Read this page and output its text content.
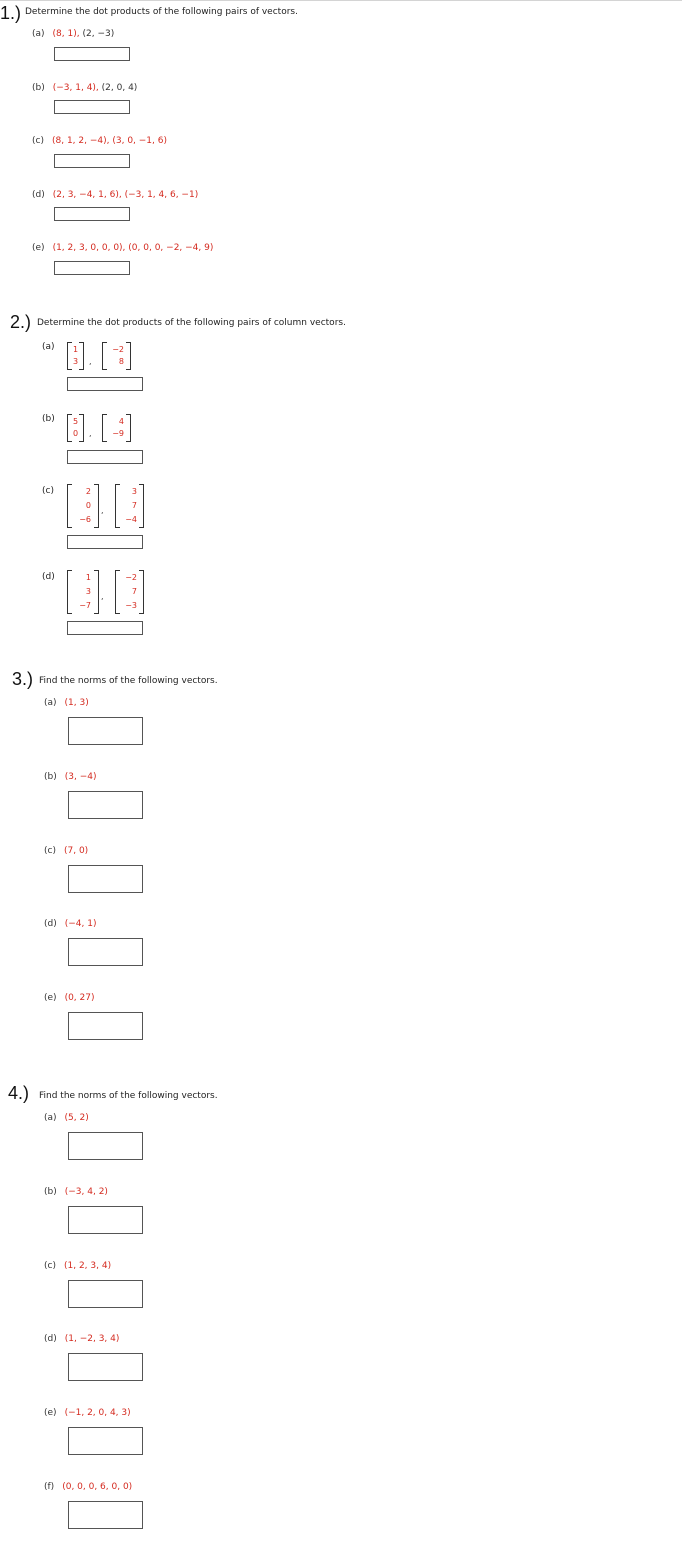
1.) Determine the dot products of the following pairs of vectors.
(a) (8, 1), (2, −3)
(b) (−3, 1, 4), (2, 0, 4)
(c) (8, 1, 2, −4), (3, 0, −1, 6)
(d) (2, 3, −4, 1, 6), (−3, 1, 4, 6, −1)
(e) (1, 2, 3, 0, 0, 0), (0, 0, 0, −2, −4, 9)
2.) Determine the dot products of the following pairs of column vectors.
(a)	1
3	,
−2
8
(b)	5
0	,
4
−9
(c)	2
0
−6
,
3
7
−4
(d)	1
3
−7
,
−2
7
−3
3.) Find the norms of the following vectors.
(a) (1, 3)
(b) (3, −4)
(c) (7, 0)
(d) (−4, 1)
(e) (0, 27)
4.) Find the norms of the following vectors.
(a) (5, 2)
(b) (−3, 4, 2)
(c) (1, 2, 3, 4)
(d) (1, −2, 3, 4)
(e) (−1, 2, 0, 4, 3)
(f) (0, 0, 0, 6, 0, 0)
